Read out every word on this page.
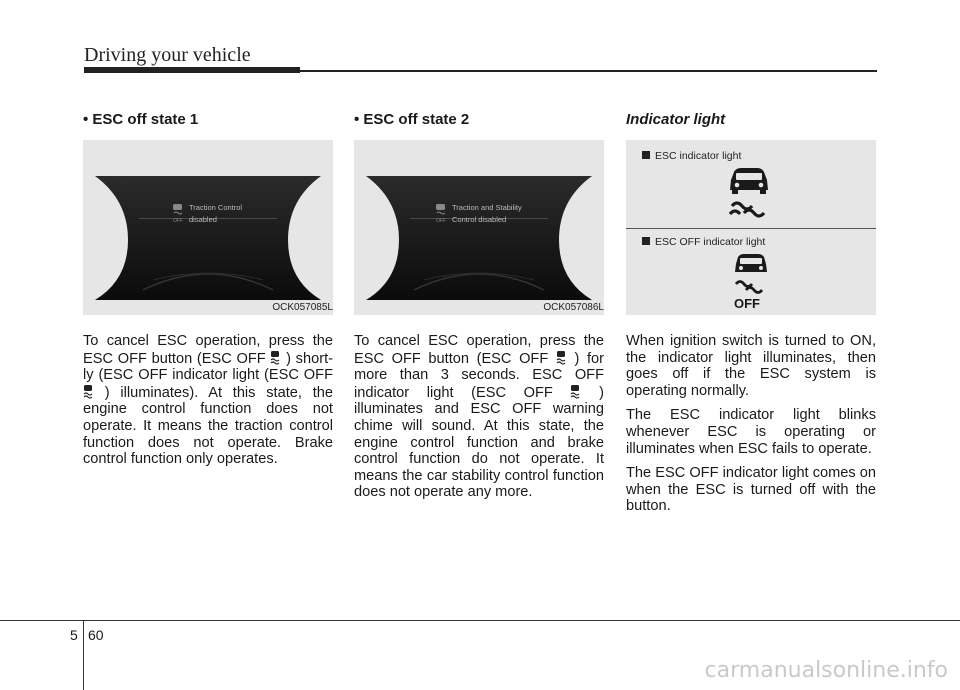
Driving your vehicle
• ESC off state 1
OFF
Traction Control
disabled
OCK057085L

To cancel ESC operation, press the ESC OFF button (ESC OFF ) short- ly (ESC OFF indicator light (ESC OFF  ) illuminates). At this state, the engine control function does not operate. It means the traction control function does not operate. Brake control function only operates.

• ESC off state 2
OFF
Traction and Stability
Control disabled
OCK057086L

To cancel ESC operation, press the ESC OFF button (ESC OFF ) for more than 3 seconds. ESC OFF indicator light (ESC OFF	) illuminates and ESC OFF warning chime will sound. At this state, the engine control function and brake control function do not operate. It means the car stability control function does not operate any more.

Indicator light
ESC indicator light
ESC OFF indicator light
OFF

When ignition switch is turned to ON, the indicator light illuminates, then goes off if the ESC system is operating normally.

The ESC indicator light blinks whenever ESC is operating or illuminates when ESC fails to operate.

The ESC OFF indicator light comes on when the ESC is turned off with the button.

5 60
carmanualsonline.info
